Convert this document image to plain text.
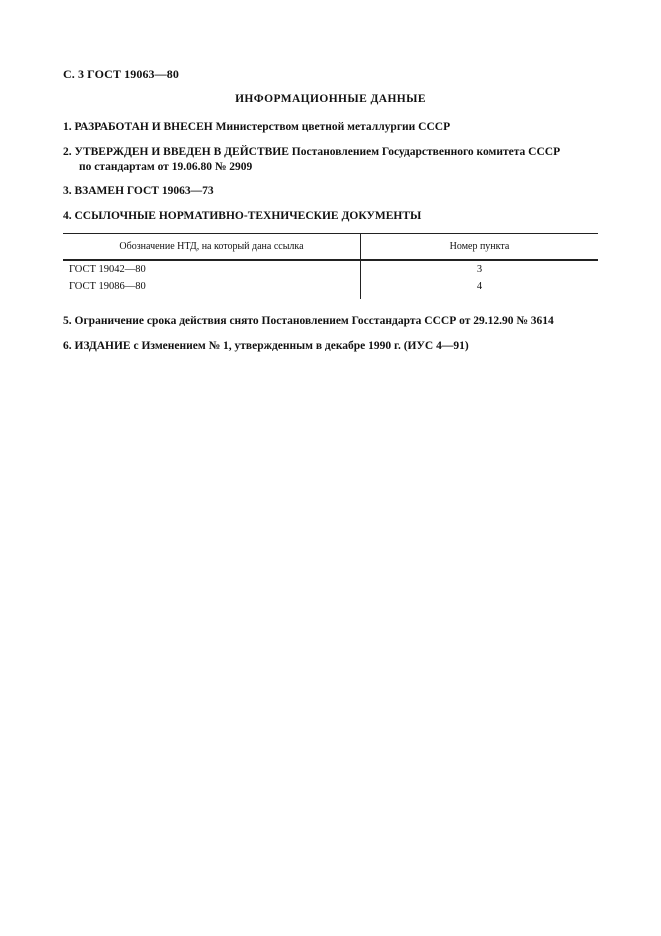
С. 3 ГОСТ 19063—80
ИНФОРМАЦИОННЫЕ ДАННЫЕ
1. РАЗРАБОТАН И ВНЕСЕН Министерством цветной металлургии СССР
2. УТВЕРЖДЕН И ВВЕДЕН В ДЕЙСТВИЕ Постановлением Государственного комитета СССР
по стандартам от 19.06.80 № 2909
3. ВЗАМЕН ГОСТ 19063—73
4. ССЫЛОЧНЫЕ НОРМАТИВНО-ТЕХНИЧЕСКИЕ ДОКУМЕНТЫ
Обозначение НТД, на который дана ссылка	Номер пункта
ГОСТ 19042—80	3
ГОСТ 19086—80	4
5. Ограничение срока действия снято Постановлением Госстандарта СССР от 29.12.90 № 3614
6. ИЗДАНИЕ с Изменением № 1, утвержденным в декабре 1990 г. (ИУС 4—91)
